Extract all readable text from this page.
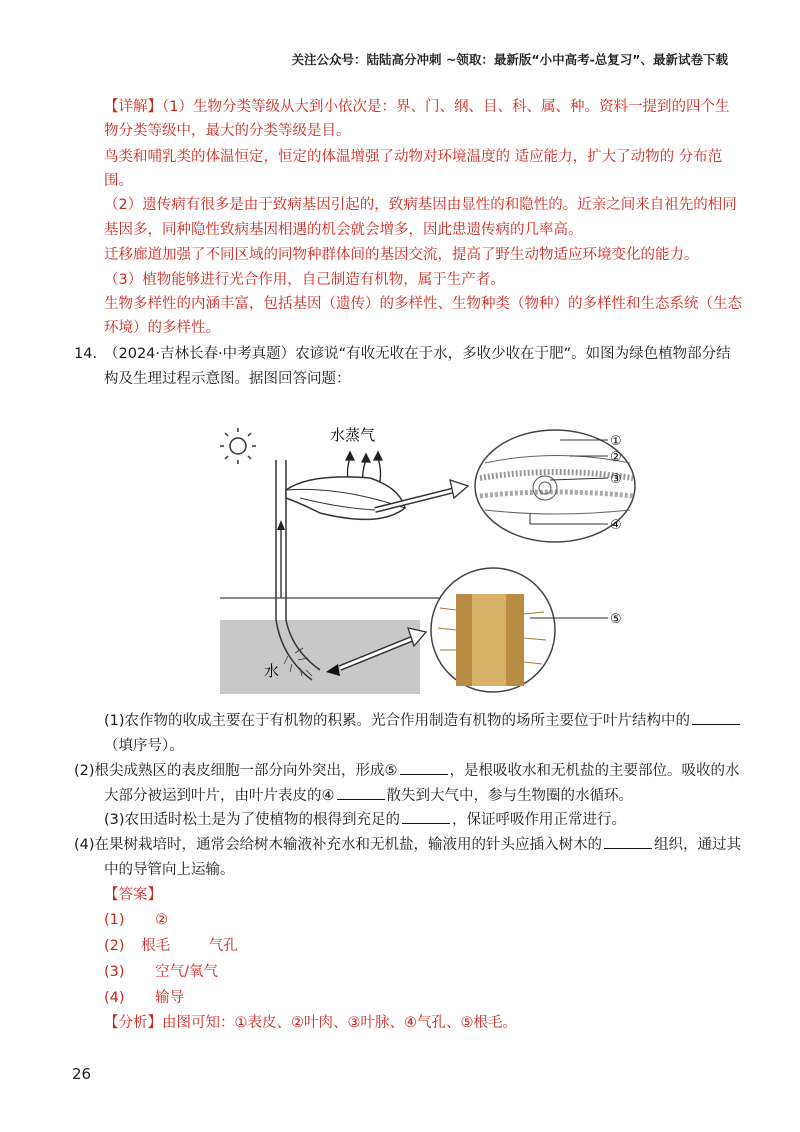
关注公众号：陆陆高分冲刺 ~领取：最新版“小中高考-总复习”、最新试卷下载
【详解】（1）生物分类等级从大到小依次是：界、门、纲、目、科、属、种。资料一提到的四个生
物分类等级中，最大的分类等级是目。
鸟类和哺乳类的体温恒定，恒定的体温增强了动物对环境温度的 适应能力，扩大了动物的 分布范
围。
（2）遗传病有很多是由于致病基因引起的，致病基因由显性的和隐性的。近亲之间来自祖先的相同
基因多，同种隐性致病基因相遇的机会就会增多，因此患遗传病的几率高。
迁移廊道加强了不同区域的同物种群体间的基因交流，提高了野生动物适应环境变化的能力。
（3）植物能够进行光合作用，自己制造有机物，属于生产者。
生物多样性的内涵丰富，包括基因（遗传）的多样性、生物种类（物种）的多样性和生态系统（生态
环境）的多样性。
14. （2024·吉林长春·中考真题）农谚说“有收无收在于水，多收少收在于肥”。如图为绿色植物部分结
构及生理过程示意图。据图回答问题：
水蒸气
水
①
②
③
④
⑤
(1)农作物的收成主要在于有机物的积累。光合作用制造有机物的场所主要位于叶片结构中的
（填序号）。
(2)根尖成熟区的表皮细胞一部分向外突出，形成⑤	，是根吸收水和无机盐的主要部位。吸收的水
大部分被运到叶片，由叶片表皮的④	散失到大气中，参与生物圈的水循环。
(3)农田适时松土是为了使植物的根得到充足的	，保证呼吸作用正常进行。
(4)在果树栽培时，通常会给树木输液补充水和无机盐，输液用的针头应插入树木的	组织，通过其
中的导管向上运输。
【答案】
(1) ②
(2) 根毛	气孔
(3) 空气/氧气
(4) 输导
【分析】由图可知：①表皮、②叶肉、③叶脉、④气孔、⑤根毛。
26
